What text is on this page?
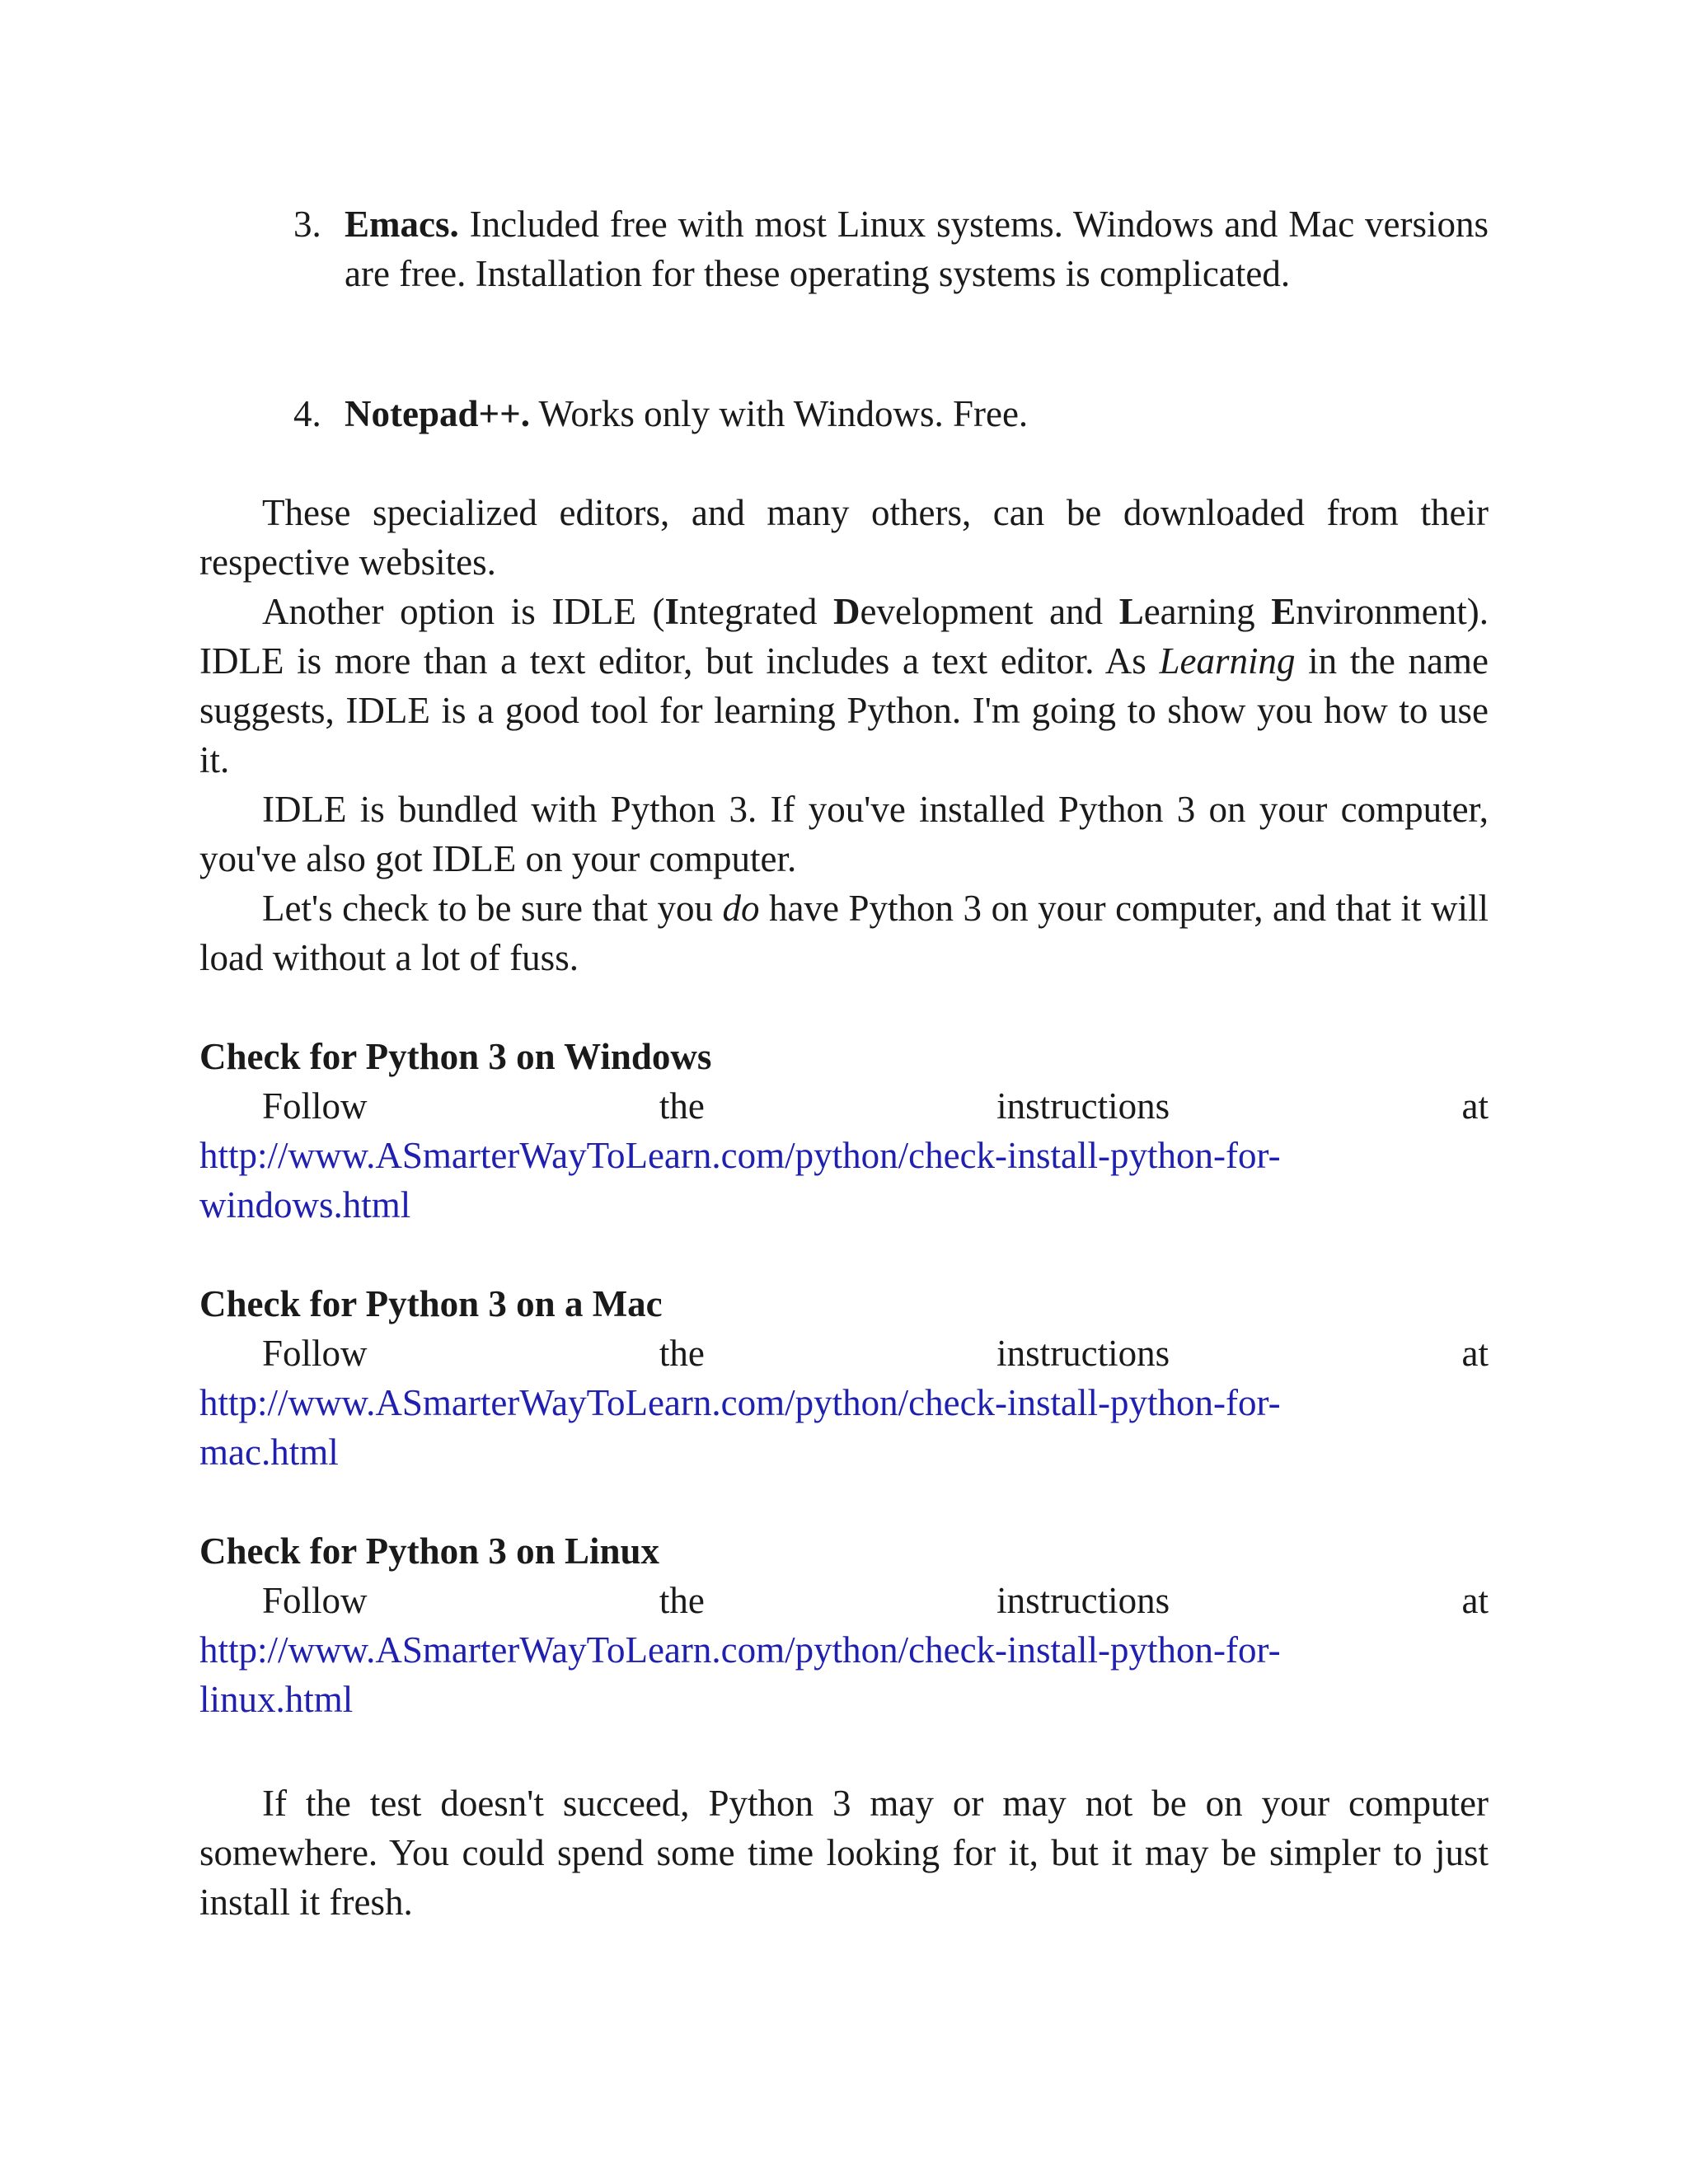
3. Emacs. Included free with most Linux systems. Windows and Mac versions are free. Installation for these operating systems is complicated.
4. Notepad++. Works only with Windows. Free.

These specialized editors, and many others, can be downloaded from their respective websites.

Another option is IDLE (Integrated Development and Learning Environment). IDLE is more than a text editor, but includes a text editor. As Learning in the name suggests, IDLE is a good tool for learning Python. I'm going to show you how to use it.

IDLE is bundled with Python 3. If you've installed Python 3 on your computer, you've also got IDLE on your computer.

Let's check to be sure that you do have Python 3 on your computer, and that it will load without a lot of fuss.

Check for Python 3 on Windows

Follow	the	instructions	at
http://www.ASmarterWayToLearn.com/python/check-install-python-for-
windows.html

Check for Python 3 on a Mac

Follow	the	instructions	at
http://www.ASmarterWayToLearn.com/python/check-install-python-for-
mac.html

Check for Python 3 on Linux

Follow	the	instructions	at
http://www.ASmarterWayToLearn.com/python/check-install-python-for-
linux.html

If the test doesn't succeed, Python 3 may or may not be on your computer somewhere. You could spend some time looking for it, but it may be simpler to just install it fresh.
